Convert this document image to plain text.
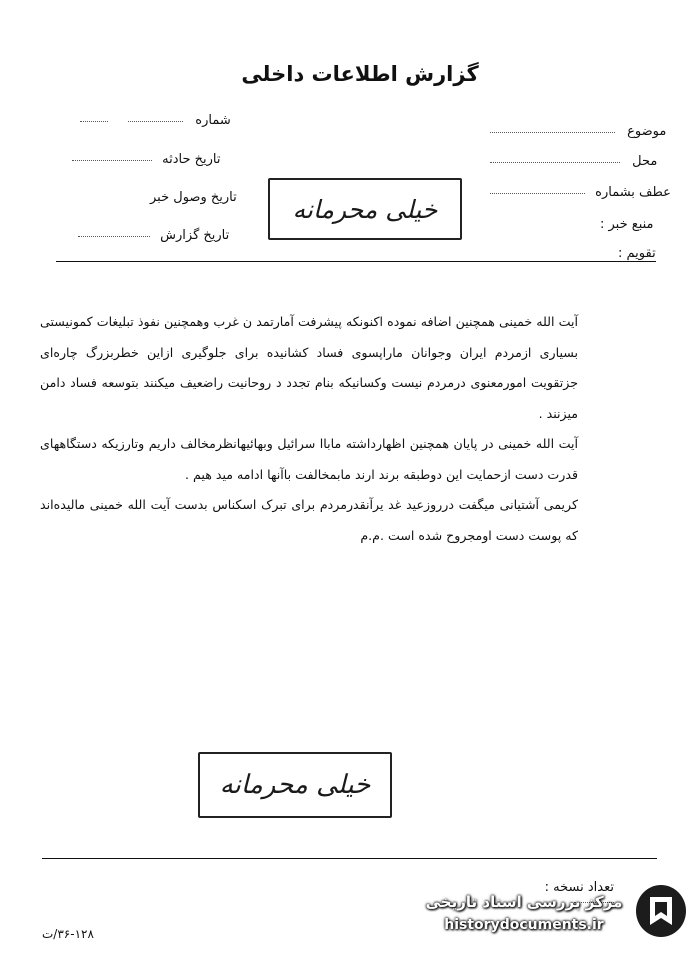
گزارش اطلاعات داخلی
شماره
تاریخ حادثه
تاریخ وصول خبر
تاریخ گزارش
موضوع
محل
عطف بشماره
منبع خبر :
تقویم :
خیلی محرمانه

آیت الله خمینی همچنین اضافه نموده اکنونکه پیشرفت آمارتمد ن غرب وهمچنین نفوذ تبلیغات کمونیستی بسیاری ازمردم ایران وجوانان ماراپسوی فساد کشانیده برای جلوگیری ازاین خطربزرگ چاره‌ای جزتقویت امورمعنوی درمردم نیست وکسانیکه بنام تجدد د روحانیت راضعیف میکنند بتوسعه فساد دامن میزنند .

آیت الله خمینی در پایان همچنین اظهارداشته ماباا سرائیل وبهائیهانظرمخالف داریم وتارزیکه دستگاههای قدرت دست ازحمایت این دوطبقه برند ارند مابمخالفت باآنها ادامه مید هیم .

کریمی آشتیانی میگفت درروزعید غد یرآنقدرمردم برای تبرک اسکناس بدست آیت الله خمینی مالیده‌اند که پوست دست اومجروح شده است .م.م

خیلی محرمانه
تعداد نسخه :
۳۶-۱۲۸/ت
مرکز بررسی اسناد تاریخی
historydocuments.ir
